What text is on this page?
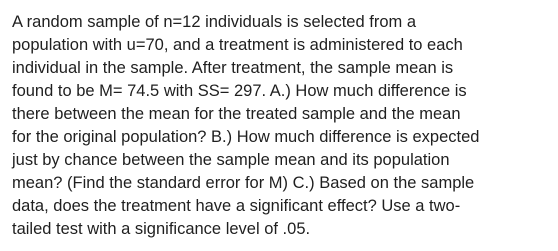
A random sample of n=12 individuals is selected from a
population with u=70, and a treatment is administered to each
individual in the sample. After treatment, the sample mean is
found to be M= 74.5 with SS= 297. A.) How much difference is
there between the mean for the treated sample and the mean
for the original population? B.) How much difference is expected
just by chance between the sample mean and its population
mean? (Find the standard error for M) C.) Based on the sample
data, does the treatment have a significant effect? Use a two-
tailed test with a significance level of .05.
